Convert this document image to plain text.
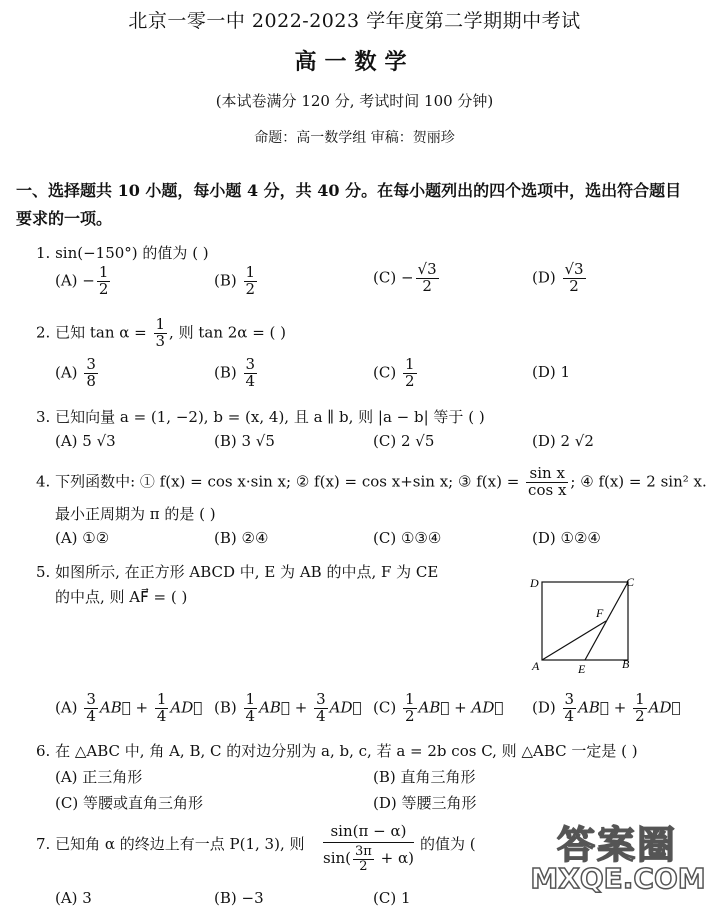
北京一零一中 2022-2023 学年度第二学期期中考试
高一数学
(本试卷满分 120 分, 考试时间 100 分钟)
命题：高一数学组 审稿：贺丽珍
一、选择题共 10 小题，每小题 4 分，共 40 分。在每小题列出的四个选项中，选出符合题目要求的一项。
1. sin(−150°) 的值为 ( )
$(A) - \frac{1}{2}$	$(B) \frac{1}{2}$	$(C) - \frac{√3}{2}$	$(D) \frac{√3}{2}$
2. 已知 $\tan \alpha = \frac{1}{3}$ , 则 tan 2α = ( )
$(A) \frac{3}{8}$	$(B) \frac{3}{4}$	$(C) \frac{1}{2}$	(D) 1
3. 已知向量 a = (1, −2), b = (x, 4), 且 a ∥ b, 则 |a − b| 等于 ( )
(A) 5 √3	(B) 3 √5	(C) 2 √5	(D) 2 √2
4. 下列函数中: ① f(x) = cos x·sin x; ② f(x) = cos x+sin x; ③ $f(x) = \frac{\text{sin x}}{\text{cos x}}$ ; ④ f(x) = 2 sin² x.
最小正周期为 π 的是 ( )
(A) ①②	(B) ②④	(C) ①③④	(D) ①②④
5. 如图所示, 在正方形 ABCD 中, E 为 AB 的中点, F 为 CE
的中点, 则 AF⃗ = ( )
D	C
F
A	E	B
$(A) \frac{3}{4}$ AB⃗ + $\frac{1}{4}$ AD⃗ $(B) \frac{1}{4}$ AB⃗ + $\frac{3}{4}$ AD⃗ $(C) \frac{1}{2}$ AB⃗ + AD⃗ $(D) \frac{3}{4}$ AB⃗ + $\frac{1}{2}$ AD⃗
6. 在 △ABC 中, 角 A, B, C 的对边分别为 a, b, c, 若 a = 2b cos C, 则 △ABC 一定是 ( )
(A) 正三角形	(B) 直角三角形
(C) 等腰或直角三角形	(D) 等腰三角形
7. 已知角 α 的终边上有一点 P(1, 3), 则
sin(π − α)
$\sin( \frac{3\pi}{2} + \alpha)$
的值为 (
(A) 3	(B) −3	(C) 1
答案圈
MXQE.COM
